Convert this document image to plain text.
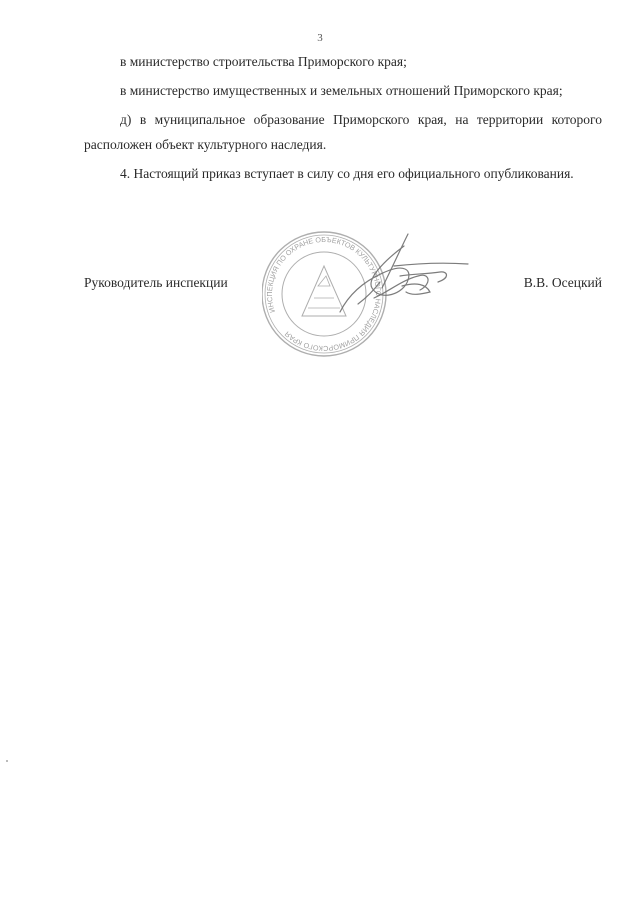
3

в министерство строительства Приморского края;

в министерство имущественных и земельных отношений Приморского края;

д) в муниципальное образование Приморского края, на территории которого расположен объект культурного наследия.

4. Настоящий приказ вступает в силу со дня его официального опубликования.

Руководитель инспекции	В.В. Осецкий
ИНСПЕКЦИЯ ПО ОХРАНЕ ОБЪЕКТОВ КУЛЬТУРНОГО НАСЛЕДИЯ ПРИМОРСКОГО КРАЯ
